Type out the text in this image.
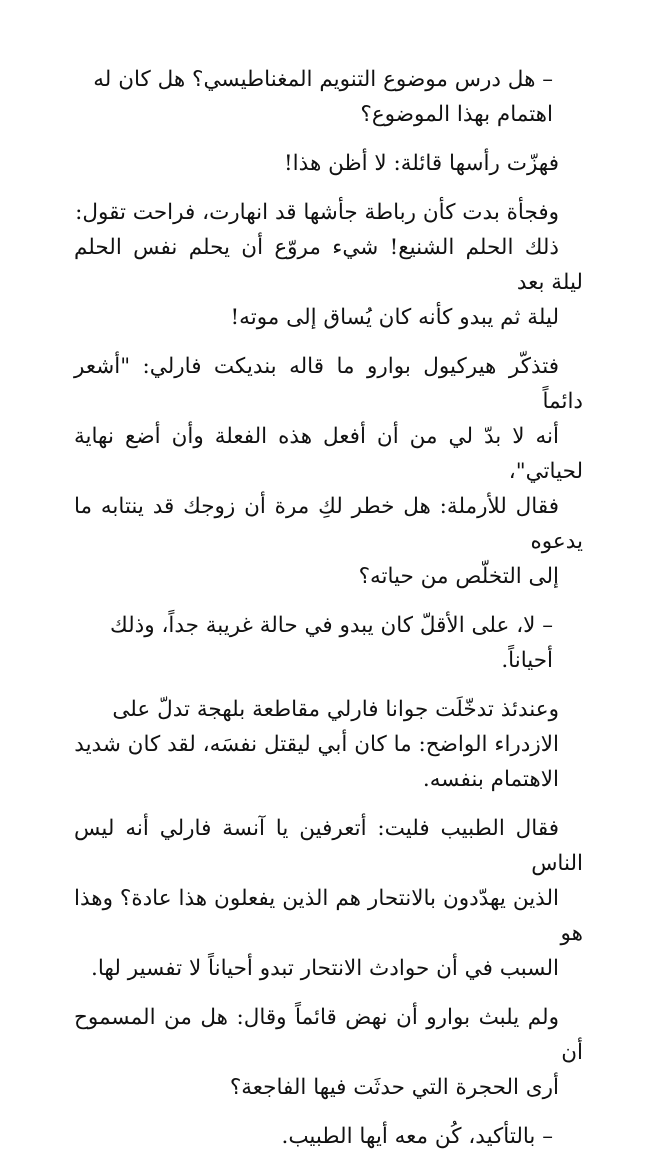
– هل درس موضوع التنويم المغناطيسي؟ هل كان له
اهتمام بهذا الموضوع؟

فهزّت رأسها قائلة: لا أظن هذا!

وفجأة بدت كأن رباطة جأشها قد انهارت، فراحت تقول:
ذلك الحلم الشنيع! شيء مروّع أن يحلم نفس الحلم ليلة بعد
ليلة ثم يبدو كأنه كان يُساق إلى موته!

فتذكّر هيركيول بوارو ما قاله بنديكت فارلي: "أشعر دائماً
أنه لا بدّ لي من أن أفعل هذه الفعلة وأن أضع نهاية لحياتي"،
فقال للأرملة: هل خطر لكِ مرة أن زوجك قد ينتابه ما يدعوه
إلى التخلّص من حياته؟

– لا، على الأقلّ كان يبدو في حالة غريبة جداً، وذلك
أحياناً.

وعندئذ تدخّلَت جوانا فارلي مقاطعة بلهجة تدلّ على
الازدراء الواضح: ما كان أبي ليقتل نفسَه، لقد كان شديد
الاهتمام بنفسه.

فقال الطبيب فليت: أتعرفين يا آنسة فارلي أنه ليس الناس
الذين يهدّدون بالانتحار هم الذين يفعلون هذا عادة؟ وهذا هو
السبب في أن حوادث الانتحار تبدو أحياناً لا تفسير لها.

ولم يلبث بوارو أن نهض قائماً وقال: هل من المسموح أن
أرى الحجرة التي حدثَت فيها الفاجعة؟

– بالتأكيد، كُن معه أيها الطبيب.
